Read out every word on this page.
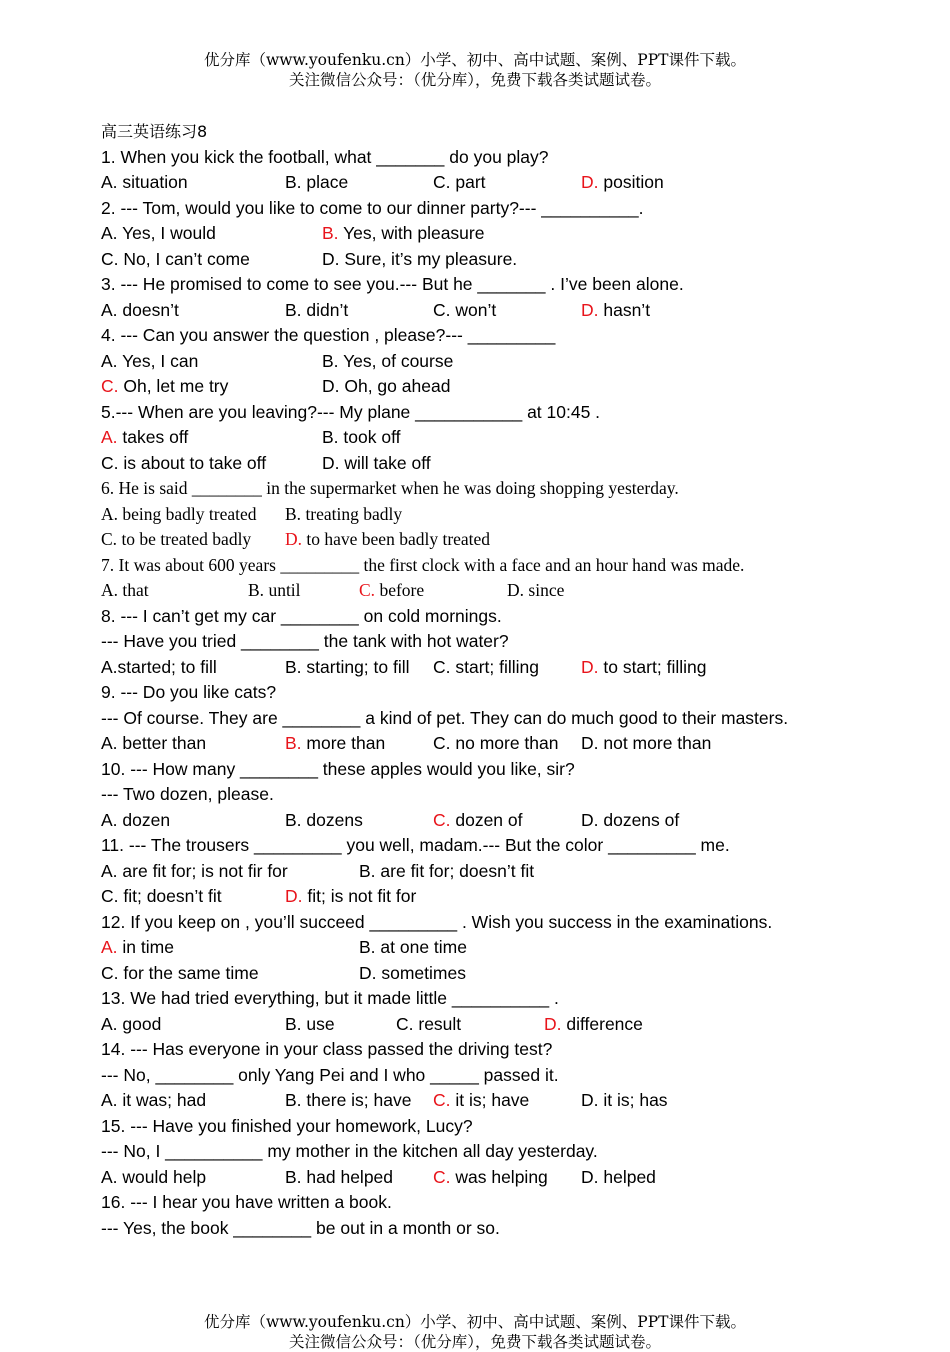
优分库（www.youfenku.cn）小学、初中、高中试题、案例、PPT课件下载。
关注微信公众号：（优分库），免费下载各类试题试卷。
高三英语练习8
1. When you kick the football, what _______ do you play?
A. situation	B. place	C. part	D. position
2. --- Tom, would you like to come to our dinner party?--- __________.
A. Yes, I would	B. Yes, with pleasure
C. No, I can’t come	D. Sure, it’s my pleasure.
3. --- He promised to come to see you.--- But he _______ . I’ve been alone.
A. doesn’t	B. didn’t	C. won’t	D. hasn’t
4. --- Can you answer the question , please?--- _________
A. Yes, I can	B. Yes, of course
C. Oh, let me try	D. Oh, go ahead
5.--- When are you leaving?--- My plane ___________ at 10:45 .
A. takes off	B. took off
C. is about to take off	D. will take off
6. He is said ________ in the supermarket when he was doing shopping yesterday.
A. being badly treated B. treating badly
C. to be treated badly D. to have been badly treated
7. It was about 600 years _________ the first clock with a face and an hour hand was made.
A. that	B. until	C. before	D. since
8. --- I can’t get my car ________ on cold mornings.
--- Have you tried ________ the tank with hot water?
A.started; to fill	B. starting; to fill C. start; filling D. to start; filling
9. --- Do you like cats?
--- Of course. They are ________ a kind of pet. They can do much good to their masters.
A. better than	B. more than	C. no more than D. not more than
10. --- How many ________ these apples would you like, sir?
--- Two dozen, please.
A. dozen	B. dozens	C. dozen of	D. dozens of
11. --- The trousers _________ you well, madam.--- But the color _________ me.
A. are fit for; is not fir for	B. are fit for; doesn’t fit
C. fit; doesn’t fit	D. fit; is not fit for
12. If you keep on , you’ll succeed _________ . Wish you success in the examinations.
A. in time	B. at one time
C. for the same time	D. sometimes
13. We had tried everything, but it made little __________ .
A. good	B. use	C. result	D. difference
14. --- Has everyone in your class passed the driving test?
--- No, ________ only Yang Pei and I who _____ passed it.
A. it was; had	B. there is; have C. it is; have	D. it is; has
15. --- Have you finished your homework, Lucy?
--- No, I __________ my mother in the kitchen all day yesterday.
A. would help	B. had helped C. was helping D. helped
16. --- I hear you have written a book.
--- Yes, the book ________ be out in a month or so.
优分库（www.youfenku.cn）小学、初中、高中试题、案例、PPT课件下载。
关注微信公众号：（优分库），免费下载各类试题试卷。
